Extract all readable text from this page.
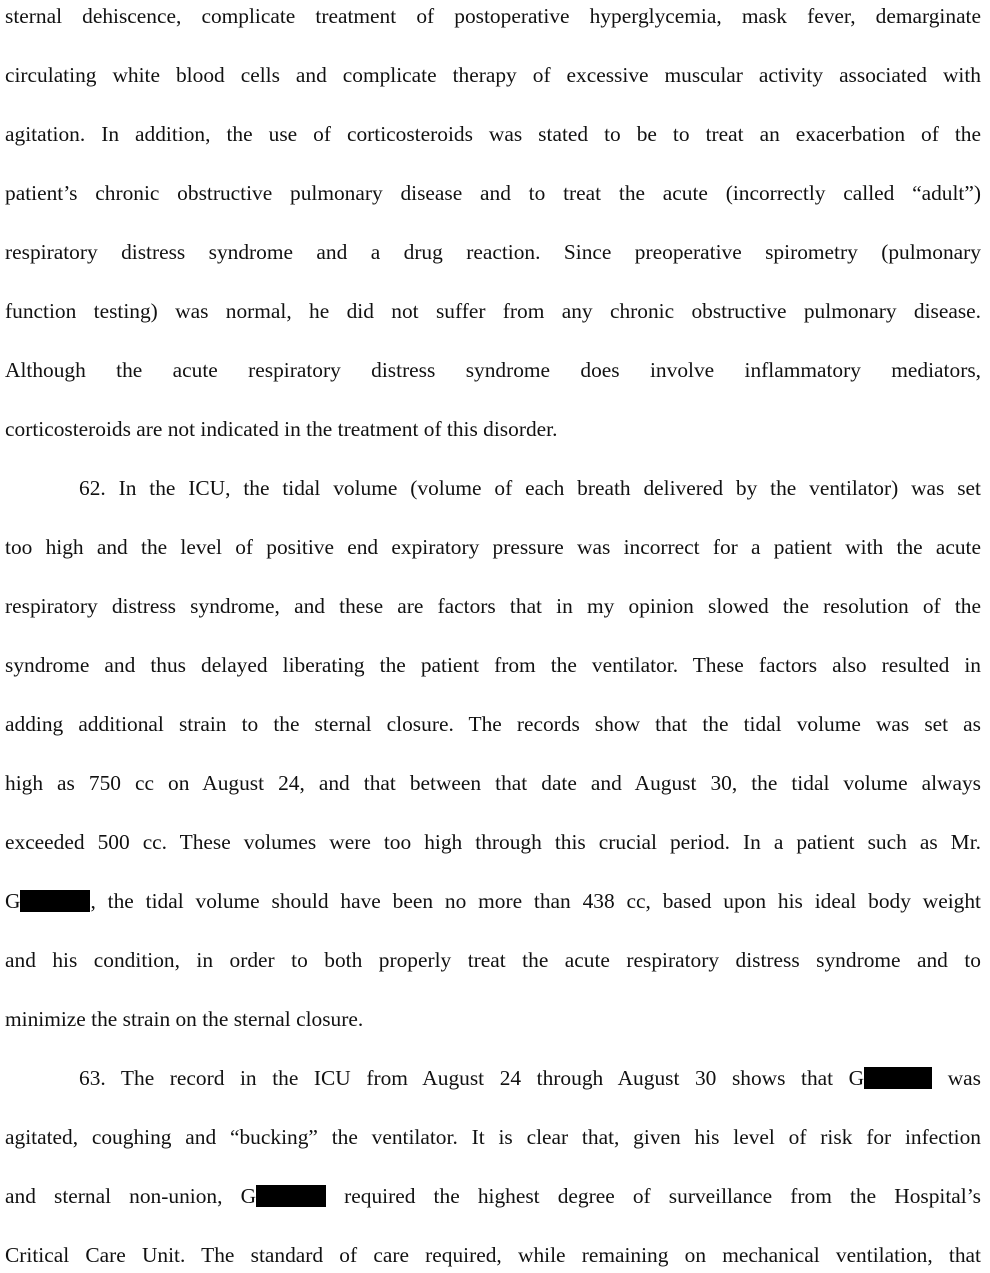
sternal dehiscence, complicate treatment of postoperative hyperglycemia, mask fever, demarginate
circulating white blood cells and complicate therapy of excessive muscular activity associated with
agitation. In addition, the use of corticosteroids was stated to be to treat an exacerbation of the
patient’s chronic obstructive pulmonary disease and to treat the acute (incorrectly called “adult”)
respiratory distress syndrome and a drug reaction. Since preoperative spirometry (pulmonary
function testing) was normal, he did not suffer from any chronic obstructive pulmonary disease.
Although the acute respiratory distress syndrome does involve inflammatory mediators,
corticosteroids are not indicated in the treatment of this disorder.
62. In the ICU, the tidal volume (volume of each breath delivered by the ventilator) was set
too high and the level of positive end expiratory pressure was incorrect for a patient with the acute
respiratory distress syndrome, and these are factors that in my opinion slowed the resolution of the
syndrome and thus delayed liberating the patient from the ventilator. These factors also resulted in
adding additional strain to the sternal closure. The records show that the tidal volume was set as
high as 750 cc on August 24, and that between that date and August 30, the tidal volume always
exceeded 500 cc. These volumes were too high through this crucial period. In a patient such as Mr.
G	, the tidal volume should have been no more than 438 cc, based upon his ideal body weight
and his condition, in order to both properly treat the acute respiratory distress syndrome and to
minimize the strain on the sternal closure.
63. The record in the ICU from August 24 through August 30 shows that G	was
agitated, coughing and “bucking” the ventilator. It is clear that, given his level of risk for infection
and sternal non-union, G	required the highest degree of surveillance from the Hospital’s
Critical Care Unit. The standard of care required, while remaining on mechanical ventilation, that
